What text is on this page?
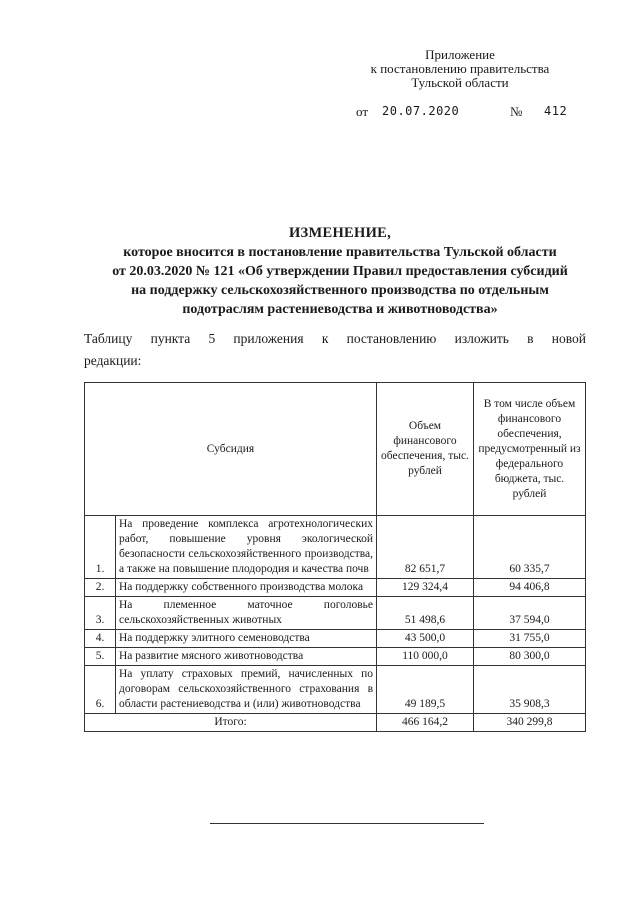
Приложение
к постановлению правительства
Тульской области
от 20.07.2020	№ 412
ИЗМЕНЕНИЕ,
которое вносится в постановление правительства Тульской области
от 20.03.2020 № 121 «Об утверждении Правил предоставления субсидий
на поддержку сельскохозяйственного производства по отдельным
подотраслям растениеводства и животноводства»
Таблицу пункта 5 приложения к постановлению изложить в новой
редакции:
Субсидия		Объем финансового обеспечения, тыс. рублей	В том числе объем финансового обеспечения, предусмотренный из федерального бюджета, тыс. рублей
1.	На проведение комплекса агротехнологических работ, повышение уровня экологической безопасности сельскохозяйственного производства, а также на повышение плодородия и качества почв	82 651,7	60 335,7
2.	На поддержку собственного производства молока	129 324,4	94 406,8
3.	На племенное маточное поголовье сельскохозяйственных животных	51 498,6	37 594,0
4.	На поддержку элитного семеноводства	43 500,0	31 755,0
5.	На развитие мясного животноводства	110 000,0	80 300,0
6.	На уплату страховых премий, начисленных по договорам сельскохозяйственного страхования в области растениеводства и (или) животноводства	49 189,5	35 908,3
Итого:		466 164,2	340 299,8
